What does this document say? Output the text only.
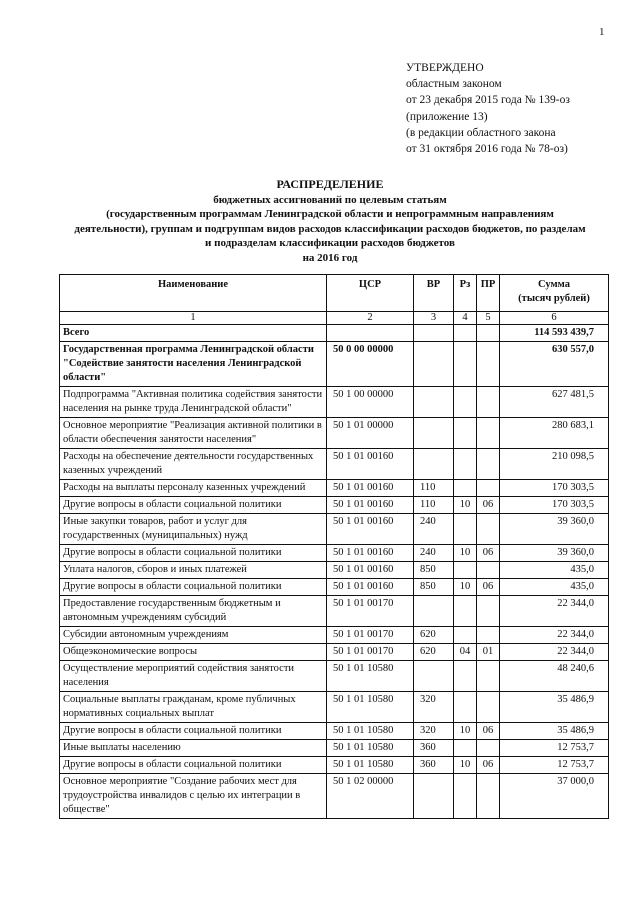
1
УТВЕРЖДЕНО
областным законом
от 23 декабря 2015 года № 139-оз
(приложение 13)
(в редакции областного закона
от 31 октября 2016 года № 78-оз)
РАСПРЕДЕЛЕНИЕ
бюджетных ассигнований по целевым статьям
(государственным программам Ленинградской области и непрограммным направлениям
деятельности), группам и подгруппам видов расходов классификации расходов бюджетов, по разделам
и подразделам классификации расходов бюджетов
на 2016 год
Наименование	ЦСР	ВР	Рз	ПР	Сумма
(тысяч рублей)

1	2	3	4	5	6
Всего					114 593 439,7
Государственная программа Ленинградской области "Содействие занятости населения Ленинградской области"	50 0 00 00000				630 557,0
Подпрограмма "Активная политика содействия занятости населения на рынке труда Ленинградской области"	50 1 00 00000				627 481,5
Основное мероприятие "Реализация активной политики в области обеспечения занятости населения"	50 1 01 00000				280 683,1
Расходы на обеспечение деятельности государственных казенных учреждений	50 1 01 00160				210 098,5
Расходы на выплаты персоналу казенных учреждений	50 1 01 00160	110			170 303,5
Другие вопросы в области социальной политики	50 1 01 00160	110	10	06	170 303,5
Иные закупки товаров, работ и услуг для государственных (муниципальных) нужд	50 1 01 00160	240			39 360,0
Другие вопросы в области социальной политики	50 1 01 00160	240	10	06	39 360,0
Уплата налогов, сборов и иных платежей	50 1 01 00160	850			435,0
Другие вопросы в области социальной политики	50 1 01 00160	850	10	06	435,0
Предоставление государственным бюджетным и автономным учреждениям субсидий	50 1 01 00170				22 344,0
Субсидии автономным учреждениям	50 1 01 00170	620			22 344,0
Общеэкономические вопросы	50 1 01 00170	620	04	01	22 344,0
Осуществление мероприятий содействия занятости населения	50 1 01 10580				48 240,6
Социальные выплаты гражданам, кроме публичных нормативных социальных выплат	50 1 01 10580	320			35 486,9
Другие вопросы в области социальной политики	50 1 01 10580	320	10	06	35 486,9
Иные выплаты населению	50 1 01 10580	360			12 753,7
Другие вопросы в области социальной политики	50 1 01 10580	360	10	06	12 753,7
Основное мероприятие "Создание рабочих мест для трудоустройства инвалидов с целью их интеграции в обществе"	50 1 02 00000				37 000,0
